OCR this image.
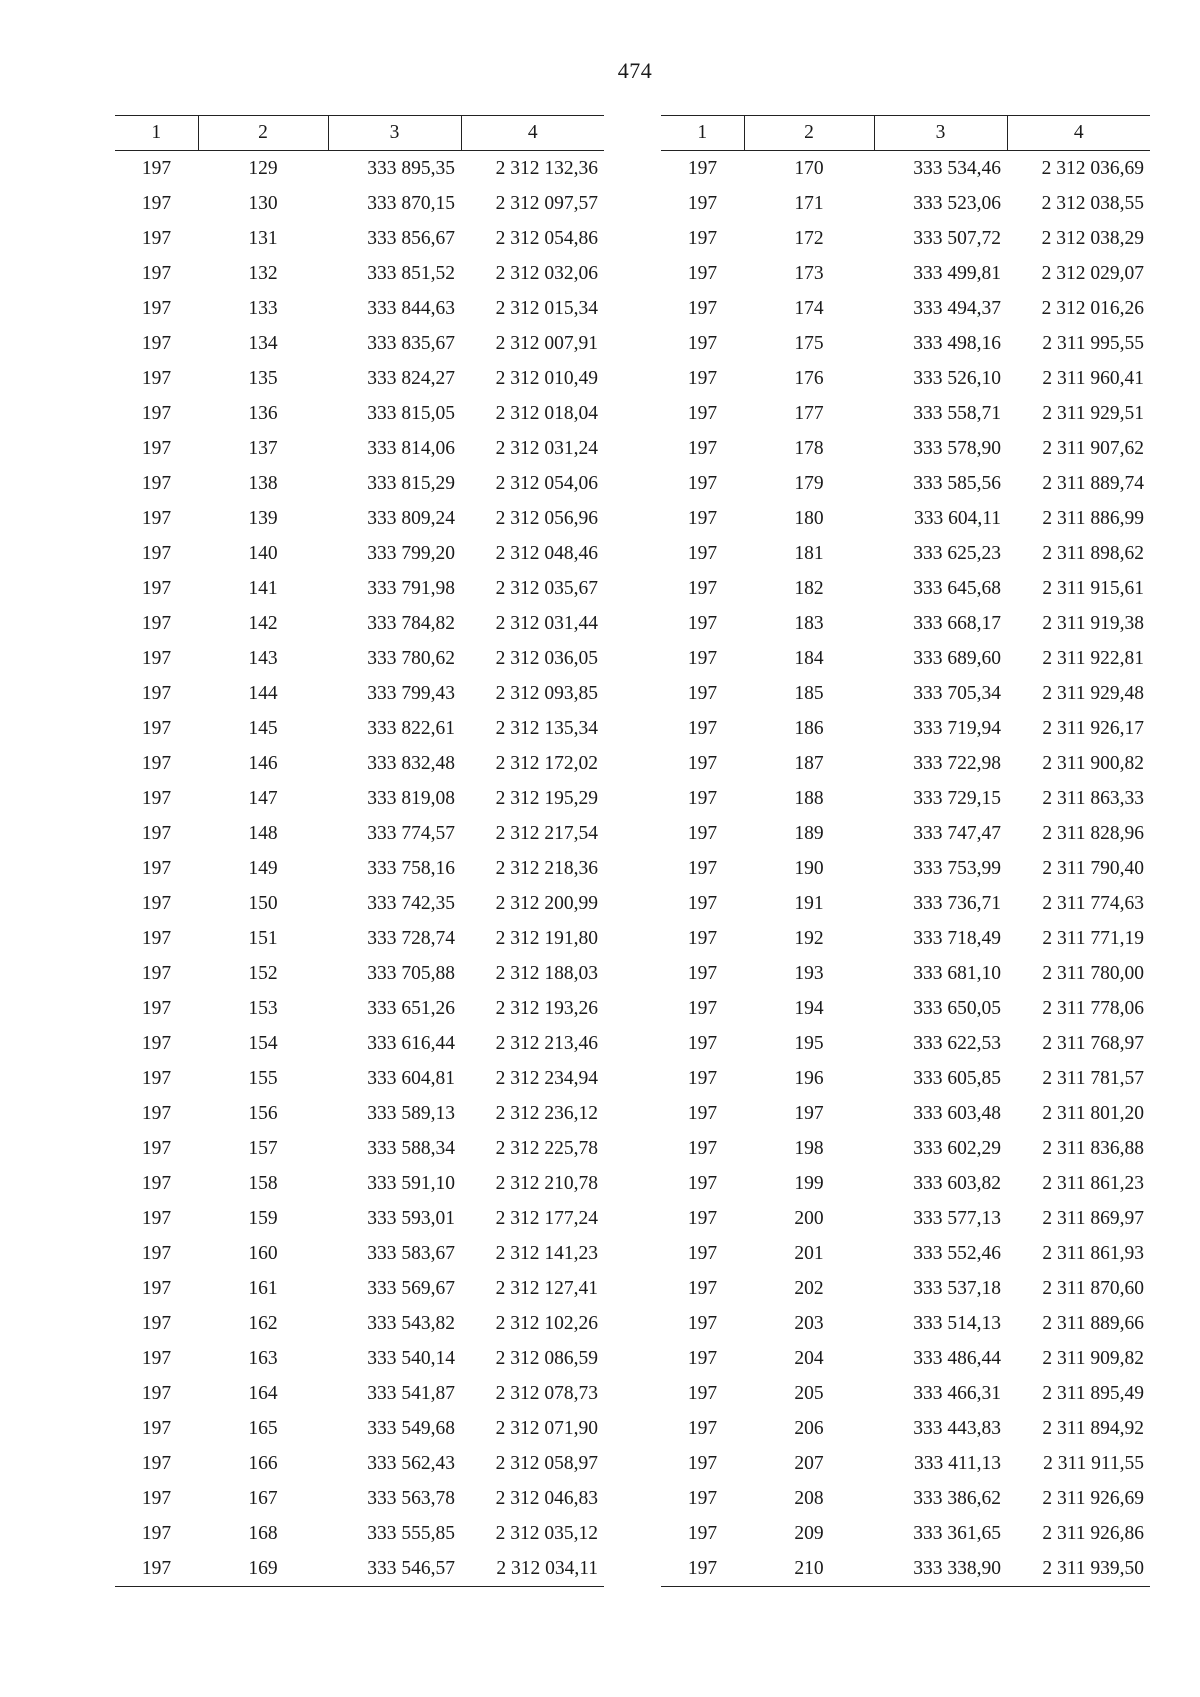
474
1	2	3	4
197	129	333 895,35	2 312 132,36
197	130	333 870,15	2 312 097,57
197	131	333 856,67	2 312 054,86
197	132	333 851,52	2 312 032,06
197	133	333 844,63	2 312 015,34
197	134	333 835,67	2 312 007,91
197	135	333 824,27	2 312 010,49
197	136	333 815,05	2 312 018,04
197	137	333 814,06	2 312 031,24
197	138	333 815,29	2 312 054,06
197	139	333 809,24	2 312 056,96
197	140	333 799,20	2 312 048,46
197	141	333 791,98	2 312 035,67
197	142	333 784,82	2 312 031,44
197	143	333 780,62	2 312 036,05
197	144	333 799,43	2 312 093,85
197	145	333 822,61	2 312 135,34
197	146	333 832,48	2 312 172,02
197	147	333 819,08	2 312 195,29
197	148	333 774,57	2 312 217,54
197	149	333 758,16	2 312 218,36
197	150	333 742,35	2 312 200,99
197	151	333 728,74	2 312 191,80
197	152	333 705,88	2 312 188,03
197	153	333 651,26	2 312 193,26
197	154	333 616,44	2 312 213,46
197	155	333 604,81	2 312 234,94
197	156	333 589,13	2 312 236,12
197	157	333 588,34	2 312 225,78
197	158	333 591,10	2 312 210,78
197	159	333 593,01	2 312 177,24
197	160	333 583,67	2 312 141,23
197	161	333 569,67	2 312 127,41
197	162	333 543,82	2 312 102,26
197	163	333 540,14	2 312 086,59
197	164	333 541,87	2 312 078,73
197	165	333 549,68	2 312 071,90
197	166	333 562,43	2 312 058,97
197	167	333 563,78	2 312 046,83
197	168	333 555,85	2 312 035,12
197	169	333 546,57	2 312 034,11
1	2	3	4
197	170	333 534,46	2 312 036,69
197	171	333 523,06	2 312 038,55
197	172	333 507,72	2 312 038,29
197	173	333 499,81	2 312 029,07
197	174	333 494,37	2 312 016,26
197	175	333 498,16	2 311 995,55
197	176	333 526,10	2 311 960,41
197	177	333 558,71	2 311 929,51
197	178	333 578,90	2 311 907,62
197	179	333 585,56	2 311 889,74
197	180	333 604,11	2 311 886,99
197	181	333 625,23	2 311 898,62
197	182	333 645,68	2 311 915,61
197	183	333 668,17	2 311 919,38
197	184	333 689,60	2 311 922,81
197	185	333 705,34	2 311 929,48
197	186	333 719,94	2 311 926,17
197	187	333 722,98	2 311 900,82
197	188	333 729,15	2 311 863,33
197	189	333 747,47	2 311 828,96
197	190	333 753,99	2 311 790,40
197	191	333 736,71	2 311 774,63
197	192	333 718,49	2 311 771,19
197	193	333 681,10	2 311 780,00
197	194	333 650,05	2 311 778,06
197	195	333 622,53	2 311 768,97
197	196	333 605,85	2 311 781,57
197	197	333 603,48	2 311 801,20
197	198	333 602,29	2 311 836,88
197	199	333 603,82	2 311 861,23
197	200	333 577,13	2 311 869,97
197	201	333 552,46	2 311 861,93
197	202	333 537,18	2 311 870,60
197	203	333 514,13	2 311 889,66
197	204	333 486,44	2 311 909,82
197	205	333 466,31	2 311 895,49
197	206	333 443,83	2 311 894,92
197	207	333 411,13	2 311 911,55
197	208	333 386,62	2 311 926,69
197	209	333 361,65	2 311 926,86
197	210	333 338,90	2 311 939,50
